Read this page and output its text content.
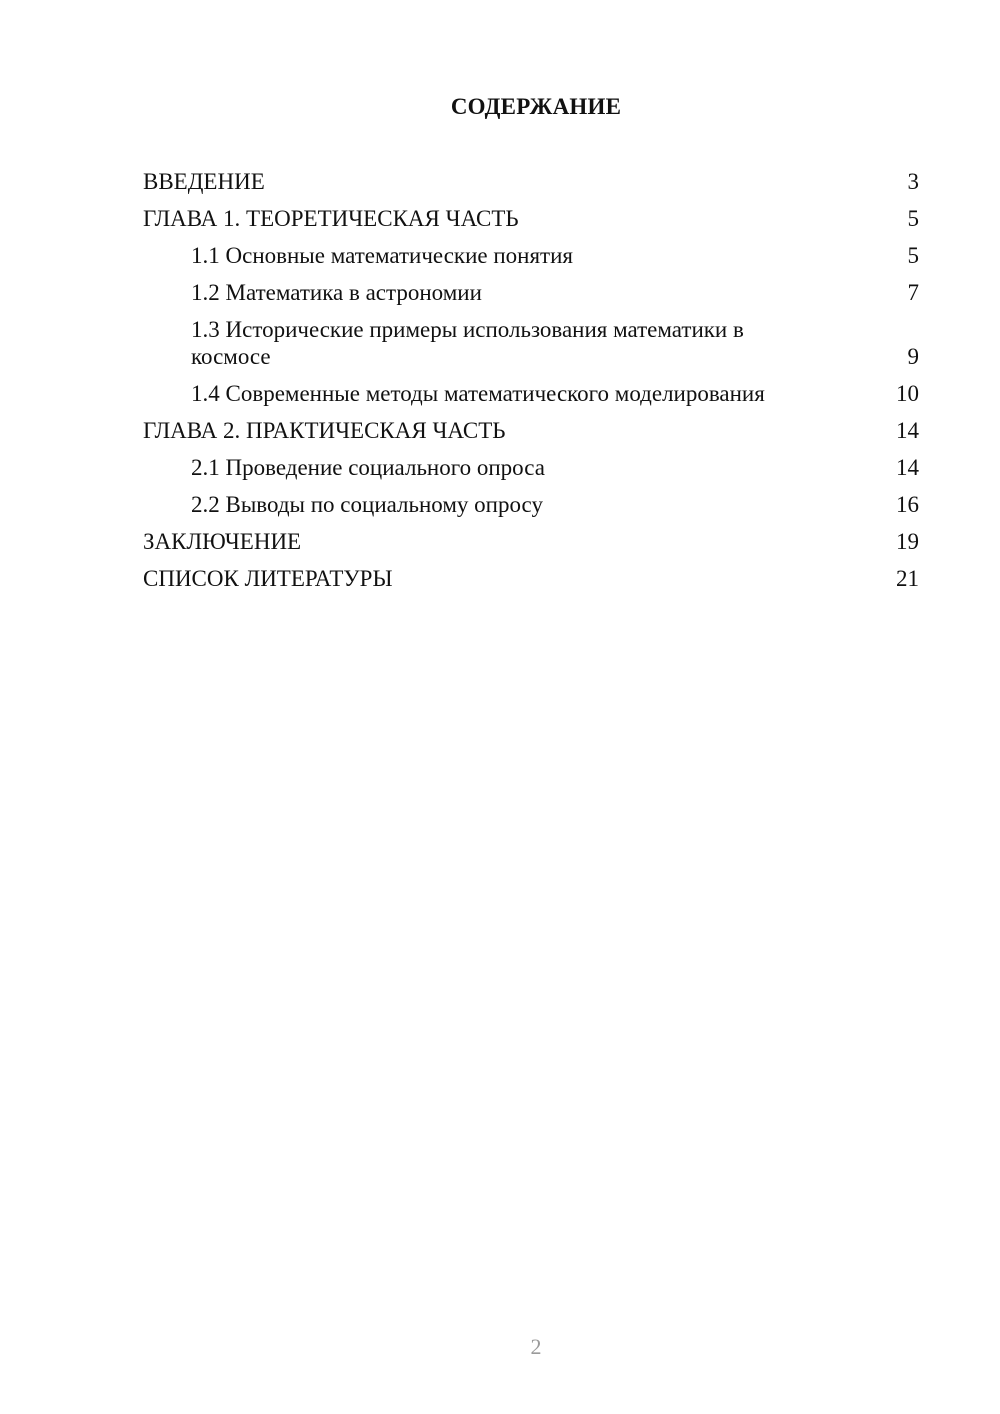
СОДЕРЖАНИЕ
ВВЕДЕНИЕ	3
ГЛАВА 1. ТЕОРЕТИЧЕСКАЯ ЧАСТЬ	5
1.1 Основные математические понятия	5
1.2 Математика в астрономии	7
1.3 Исторические примеры использования математики в космосе	9
1.4 Современные методы математического моделирования	10
ГЛАВА 2. ПРАКТИЧЕСКАЯ ЧАСТЬ	14
2.1 Проведение социального опроса	14
2.2 Выводы по социальному опросу	16
ЗАКЛЮЧЕНИЕ	19
СПИСОК ЛИТЕРАТУРЫ	21
2
